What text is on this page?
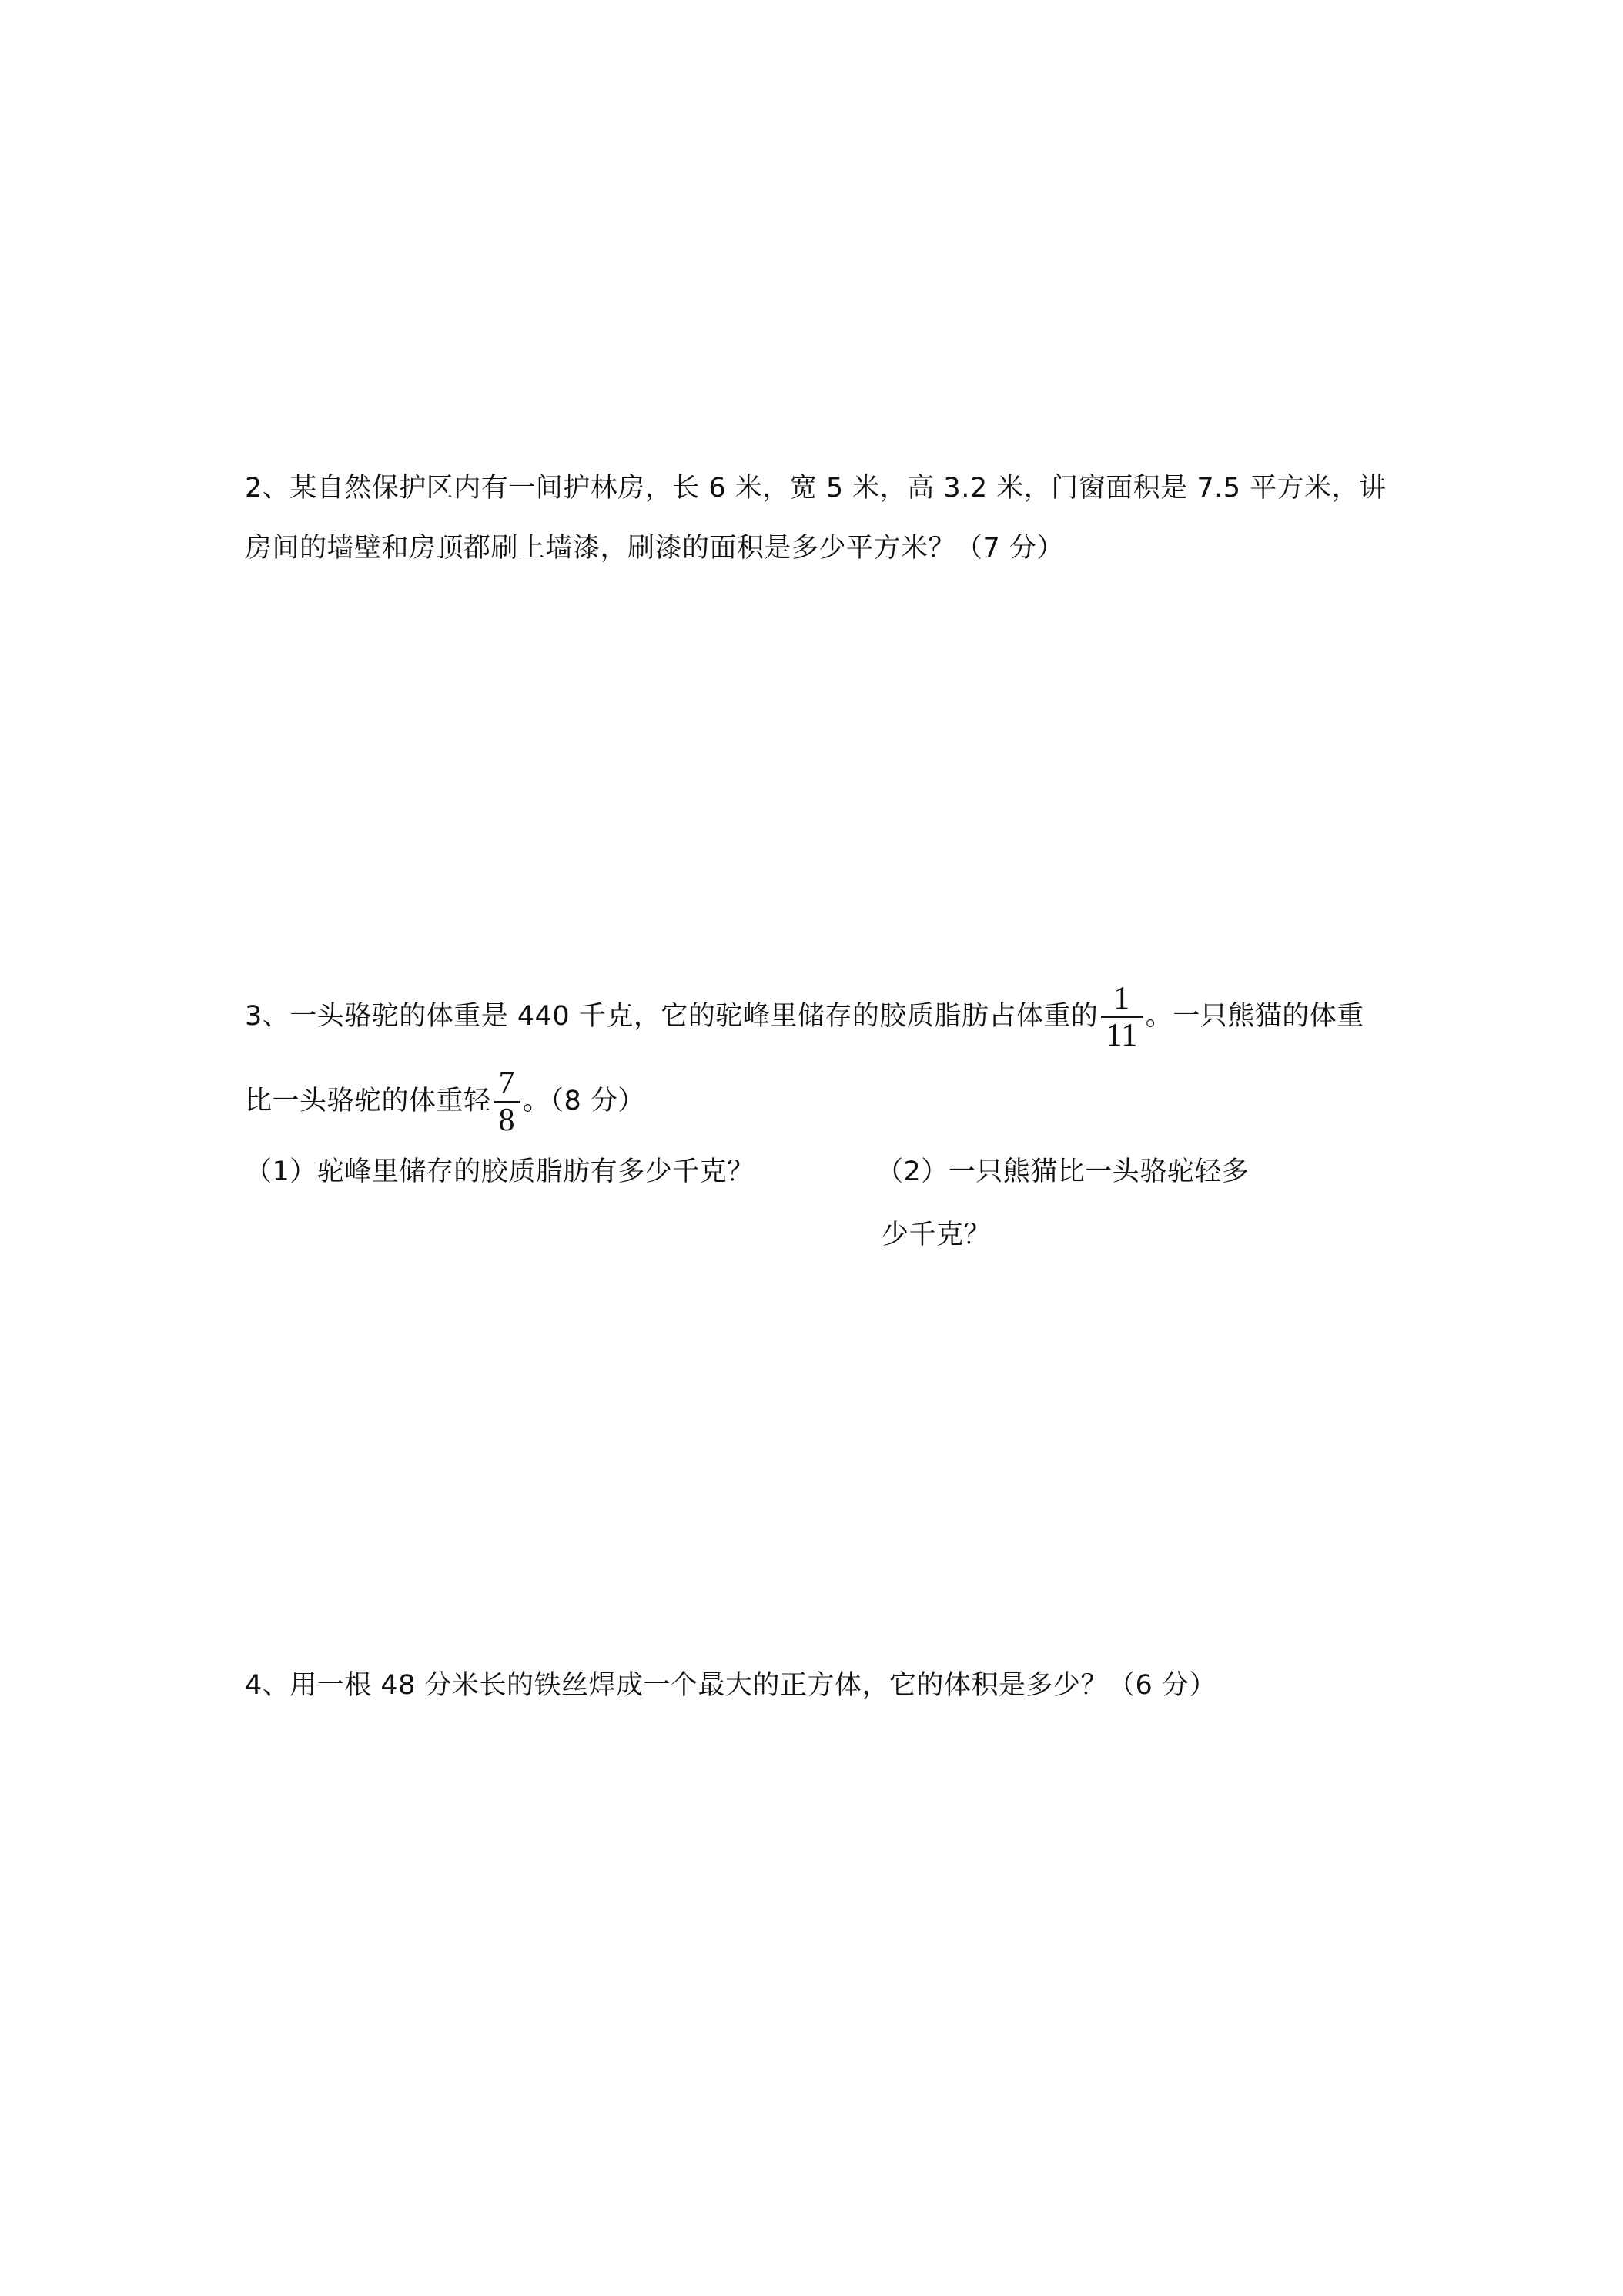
2、某自然保护区内有一间护林房，长 6 米，宽 5 米，高 3.2 米，门窗面积是 7.5 平方米，讲
房间的墙壁和房顶都刷上墙漆，刷漆的面积是多少平方米？（7 分）
3、一头骆驼的体重是 440 千克，它的驼峰里储存的胶质脂肪占体重的 $\frac{1}{11}$ 。一只熊猫的体重
比一头骆驼的体重轻 $\frac{7}{8}$ 。（8 分）
（1）驼峰里储存的胶质脂肪有多少千克？	（2）一只熊猫比一头骆驼轻多
少千克？
4、用一根 48 分米长的铁丝焊成一个最大的正方体，它的体积是多少？（6 分）
